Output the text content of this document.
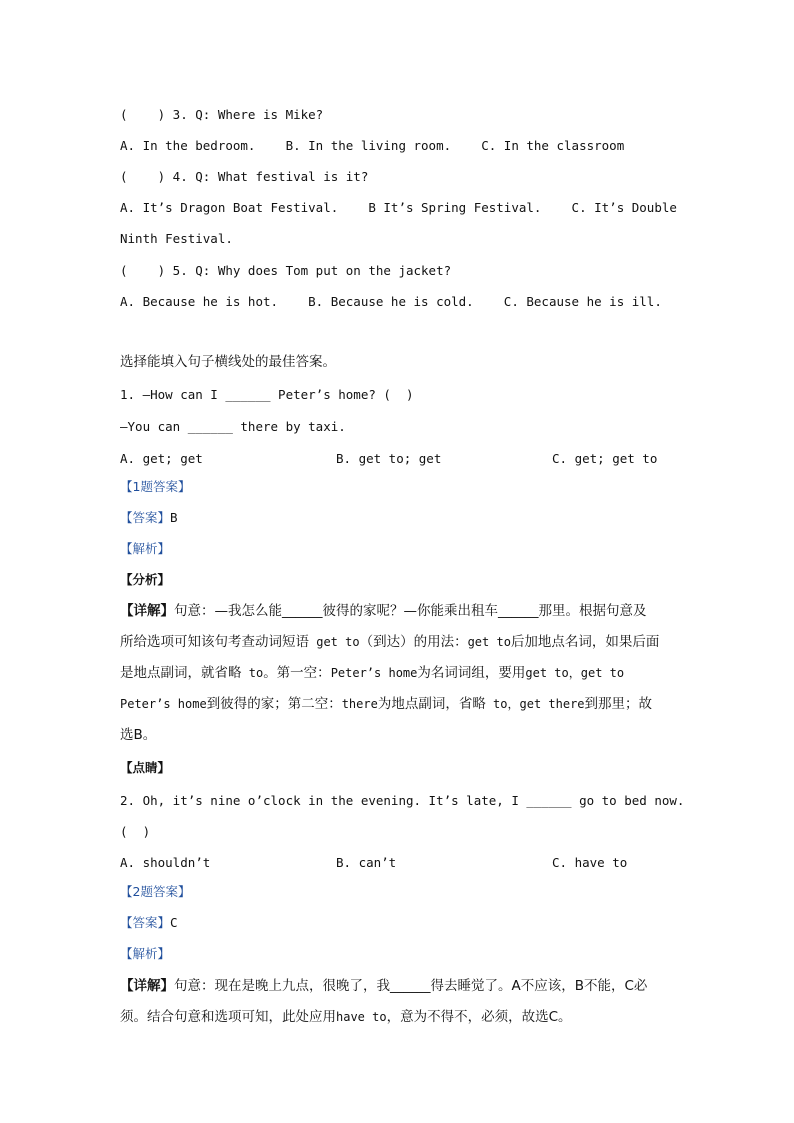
(    ) 3. Q: Where is Mike?
A. In the bedroom.    B. In the living room.    C. In the classroom
(    ) 4. Q: What festival is it?
A. It’s Dragon Boat Festival.    B It’s Spring Festival.    C. It’s Double
Ninth Festival.
(    ) 5. Q: Why does Tom put on the jacket?
A. Because he is hot.    B. Because he is cold.    C. Because he is ill.
选择能填入句子横线处的最佳答案。
1. —How can I ______ Peter’s home? (  )
—You can ______ there by taxi.
A. get; get	B. get to; get	C. get; get to
【1题答案】
【答案】B
【解析】
【分析】
【详解】句意：—我怎么能______彼得的家呢？—你能乘出租车______那里。根据句意及
所给选项可知该句考查动词短语 get to（到达）的用法：get to后加地点名词，如果后面
是地点副词，就省略 to。第一空：Peter’s home为名词词组，要用get to，get to
Peter’s home到彼得的家；第二空：there为地点副词，省略 to，get there到那里；故
选B。
【点睛】
2. Oh, it’s nine o’clock in the evening. It’s late, I ______ go to bed now.
(  )
A. shouldn’t	B. can’t	C. have to
【2题答案】
【答案】C
【解析】
【详解】句意：现在是晚上九点，很晚了，我______得去睡觉了。A不应该，B不能，C必
须。结合句意和选项可知，此处应用have to，意为不得不，必须，故选C。
